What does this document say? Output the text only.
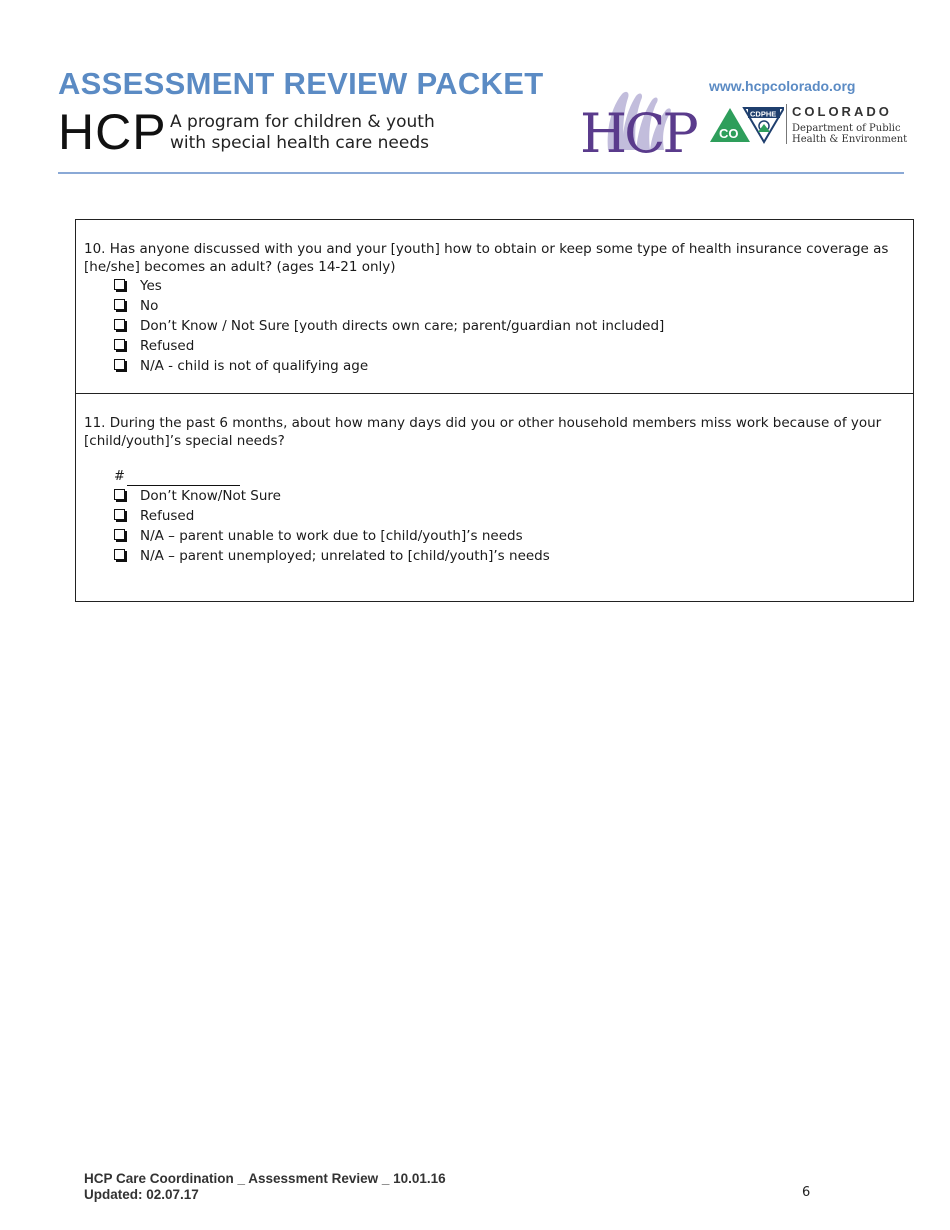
ASSESSMENT REVIEW PACKET
HCP A program for children & youth
with special health care needs
www.hcpcolorado.org
HCP CO
CDPHE COLORADO
Department of Public
Health & Environment

10. Has anyone discussed with you and your [youth] how to obtain or keep some type of health insurance coverage as [he/she] becomes an adult? (ages 14-21 only)

Yes
No
Don’t Know / Not Sure [youth directs own care; parent/guardian not included]
Refused
N/A - child is not of qualifying age

11. During the past 6 months, about how many days did you or other household members miss work because of your [child/youth]’s special needs?

#
Don’t Know/Not Sure
Refused
N/A – parent unable to work due to [child/youth]’s needs
N/A – parent unemployed; unrelated to [child/youth]’s needs
HCP Care Coordination _ Assessment Review _ 10.01.16
Updated: 02.07.17	6
